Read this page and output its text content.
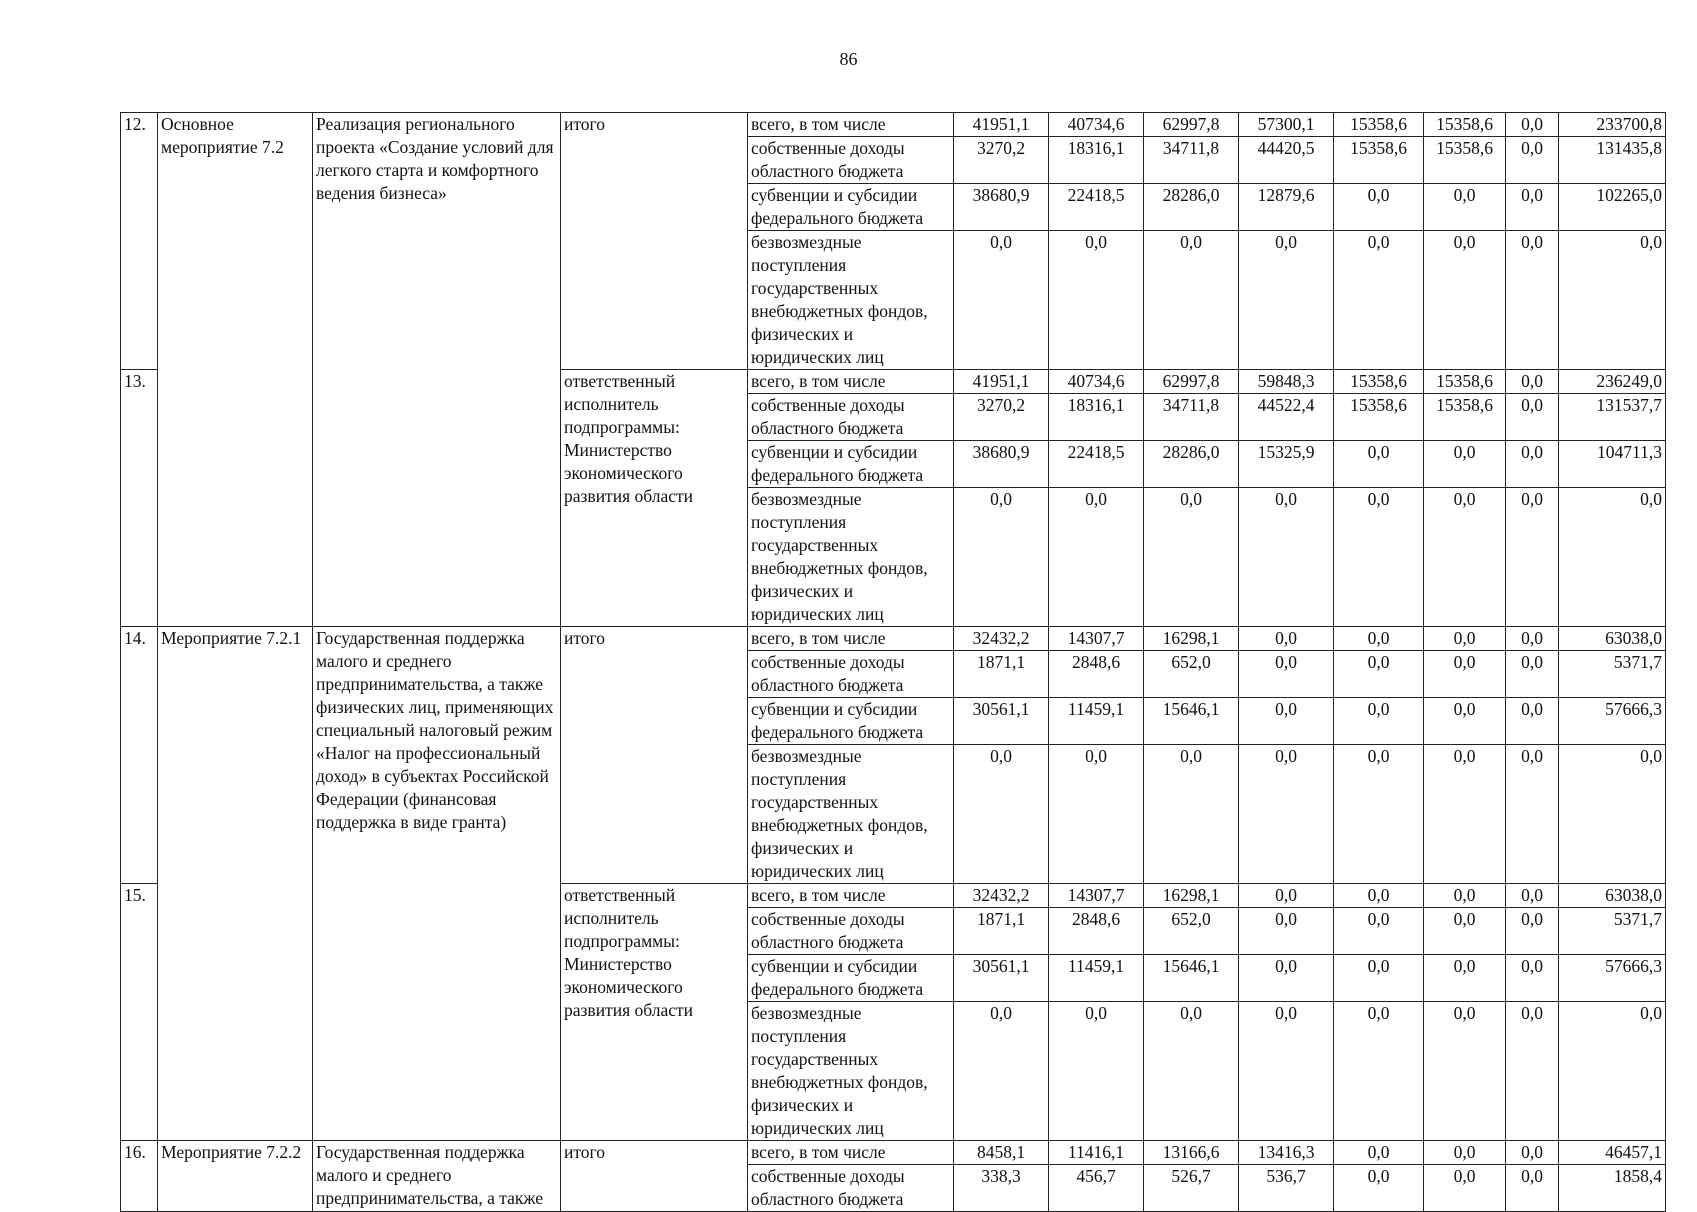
86
12.	Основное мероприятие 7.2	Реализация регионального проекта «Создание условий для легкого старта и комфортного ведения бизнеса»	итого	всего, в том числе	41951,1	40734,6	62997,8	57300,1	15358,6	15358,6	0,0	233700,8
				собственные доходы областного бюджета	3270,2	18316,1	34711,8	44420,5	15358,6	15358,6	0,0	131435,8
				субвенции и субсидии федерального бюджета	38680,9	22418,5	28286,0	12879,6	0,0	0,0	0,0	102265,0
				безвозмездные поступления государственных внебюджетных фондов, физических и юридических лиц	0,0	0,0	0,0	0,0	0,0	0,0	0,0	0,0
13.			ответственный исполнитель подпрограммы: Министерство экономического развития области	всего, в том числе	41951,1	40734,6	62997,8	59848,3	15358,6	15358,6	0,0	236249,0
				собственные доходы областного бюджета	3270,2	18316,1	34711,8	44522,4	15358,6	15358,6	0,0	131537,7
				субвенции и субсидии федерального бюджета	38680,9	22418,5	28286,0	15325,9	0,0	0,0	0,0	104711,3
				безвозмездные поступления государственных внебюджетных фондов, физических и юридических лиц	0,0	0,0	0,0	0,0	0,0	0,0	0,0	0,0
14.	Мероприятие 7.2.1	Государственная поддержка малого и среднего предпринимательства, а также физических лиц, применяющих специальный налоговый режим «Налог на профессиональный доход» в субъектах Российской Федерации (финансовая поддержка в виде гранта)	итого	всего, в том числе	32432,2	14307,7	16298,1	0,0	0,0	0,0	0,0	63038,0
				собственные доходы областного бюджета	1871,1	2848,6	652,0	0,0	0,0	0,0	0,0	5371,7
				субвенции и субсидии федерального бюджета	30561,1	11459,1	15646,1	0,0	0,0	0,0	0,0	57666,3
				безвозмездные поступления государственных внебюджетных фондов, физических и юридических лиц	0,0	0,0	0,0	0,0	0,0	0,0	0,0	0,0
15.			ответственный исполнитель подпрограммы: Министерство экономического развития области	всего, в том числе	32432,2	14307,7	16298,1	0,0	0,0	0,0	0,0	63038,0
				собственные доходы областного бюджета	1871,1	2848,6	652,0	0,0	0,0	0,0	0,0	5371,7
				субвенции и субсидии федерального бюджета	30561,1	11459,1	15646,1	0,0	0,0	0,0	0,0	57666,3
				безвозмездные поступления государственных внебюджетных фондов, физических и юридических лиц	0,0	0,0	0,0	0,0	0,0	0,0	0,0	0,0
16.	Мероприятие 7.2.2	Государственная поддержка малого и среднего предпринимательства, а также	итого	всего, в том числе	8458,1	11416,1	13166,6	13416,3	0,0	0,0	0,0	46457,1
				собственные доходы областного бюджета	338,3	456,7	526,7	536,7	0,0	0,0	0,0	1858,4
